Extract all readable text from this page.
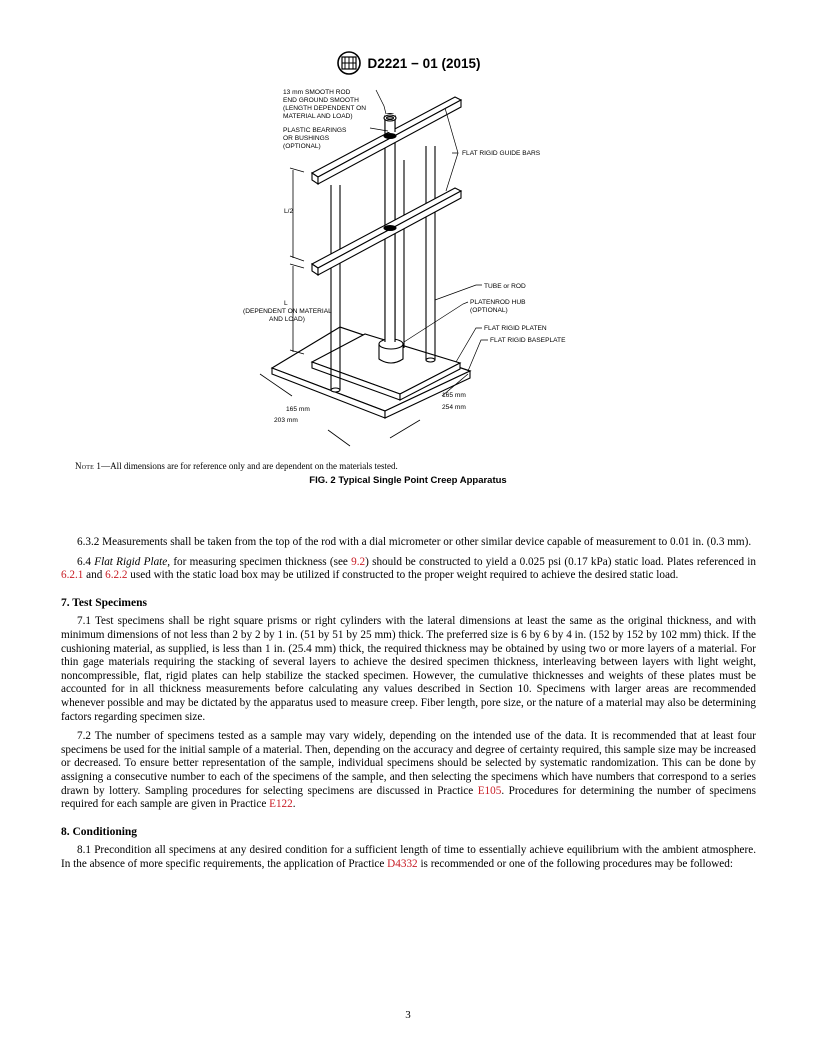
D2221 − 01 (2015)
13 mm SMOOTH ROD
END GROUND SMOOTH
(LENGTH DEPENDENT ON
MATERIAL AND LOAD)
PLASTIC BEARINGS
OR BUSHINGS
(OPTIONAL)
FLAT RIGID GUIDE BARS
L/2
L
(DEPENDENT ON MATERIAL
AND LOAD)
TUBE or ROD
PLATENROD HUB
(OPTIONAL)
FLAT RIGID PLATEN
FLAT RIGID BASEPLATE
165 mm
203 mm
165 mm
254 mm
Note 1—All dimensions are for reference only and are dependent on the materials tested.
FIG. 2 Typical Single Point Creep Apparatus

6.3.2 Measurements shall be taken from the top of the rod with a dial micrometer or other similar device capable of measurement to 0.01 in. (0.3 mm).

6.4 Flat Rigid Plate, for measuring specimen thickness (see 9.2) should be constructed to yield a 0.025 psi (0.17 kPa) static load. Plates referenced in 6.2.1 and 6.2.2 used with the static load box may be utilized if constructed to the proper weight required to achieve the desired static load.

7. Test Specimens

7.1 Test specimens shall be right square prisms or right cylinders with the lateral dimensions at least the same as the original thickness, and with minimum dimensions of not less than 2 by 2 by 1 in. (51 by 51 by 25 mm) thick. The preferred size is 6 by 6 by 4 in. (152 by 152 by 102 mm) thick. If the cushioning material, as supplied, is less than 1 in. (25.4 mm) thick, the required thickness may be obtained by using two or more layers of a material. For thin gage materials requiring the stacking of several layers to achieve the desired specimen thickness, interleaving between layers with light weight, noncompressible, flat, rigid plates can help stabilize the stacked specimen. However, the cumulative thicknesses and weights of these plates must be accounted for in all thickness measurements before calculating any values described in Section 10. Specimens with larger areas are recommended whenever possible and may be dictated by the apparatus used to measure creep. Fiber length, pore size, or the nature of a material may also be determining factors regarding specimen size.

7.2 The number of specimens tested as a sample may vary widely, depending on the intended use of the data. It is recommended that at least four specimens be used for the initial sample of a material. Then, depending on the accuracy and degree of certainty required, this sample size may be increased or decreased. To ensure better representation of the sample, individual specimens should be selected by systematic randomization. This can be done by assigning a consecutive number to each of the specimens of the sample, and then selecting the specimens which have numbers that correspond to a series drawn by lottery. Sampling procedures for selecting specimens are discussed in Practice E105. Procedures for determining the number of specimens required for each sample are given in Practice E122.

8. Conditioning

8.1 Precondition all specimens at any desired condition for a sufficient length of time to essentially achieve equilibrium with the ambient atmosphere. In the absence of more specific requirements, the application of Practice D4332 is recommended or one of the following procedures may be followed:

3
